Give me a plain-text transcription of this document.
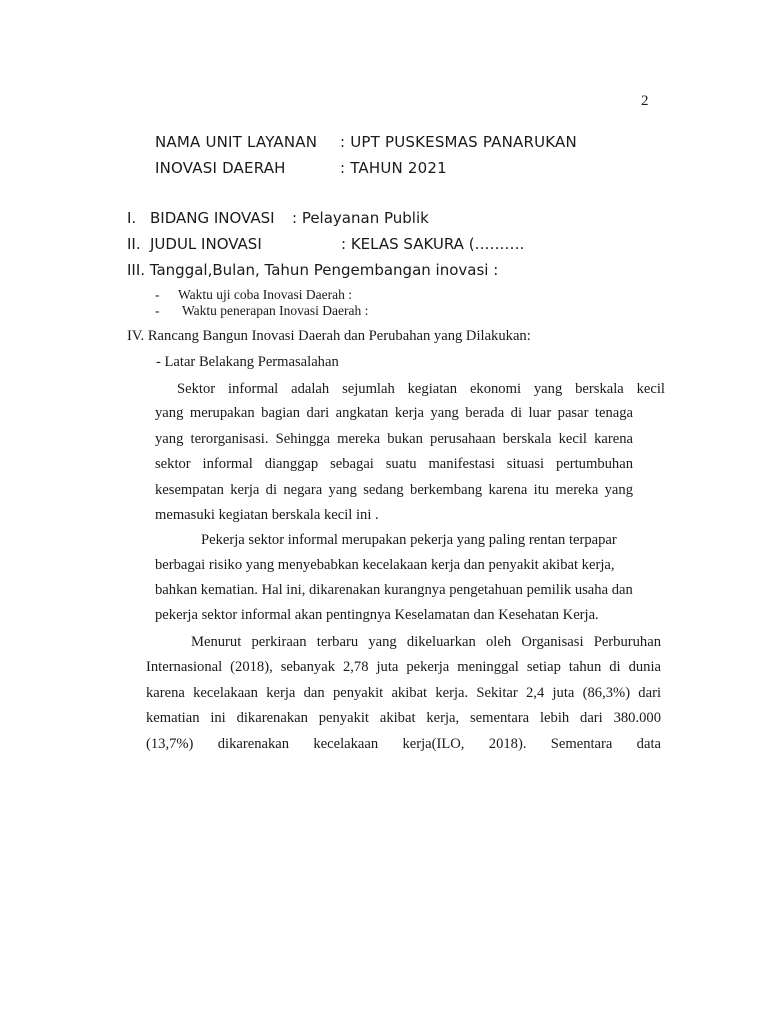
2
NAMA UNIT LAYANAN : UPT PUSKESMAS PANARUKAN
INOVASI DAERAH	: TAHUN 2021
I. BIDANG INOVASI : Pelayanan Publik
II. JUDUL INOVASI	: KELAS SAKURA (……….
III. Tanggal,Bulan, Tahun Pengembangan inovasi :
- Waktu uji coba Inovasi Daerah :
- Waktu penerapan Inovasi Daerah :
IV. Rancang Bangun Inovasi Daerah dan Perubahan yang Dilakukan:
- Latar Belakang Permasalahan
Sektor informal adalah sejumlah kegiatan ekonomi yang berskala kecil
yang merupakan bagian dari angkatan kerja yang berada di luar pasar tenaga
yang terorganisasi. Sehingga mereka bukan perusahaan berskala kecil karena
sektor informal dianggap sebagai suatu manifestasi situasi pertumbuhan
kesempatan kerja di negara yang sedang berkembang karena itu mereka yang
memasuki kegiatan berskala kecil ini .
Pekerja sektor informal merupakan pekerja yang paling rentan terpapar
berbagai risiko yang menyebabkan kecelakaan kerja dan penyakit akibat kerja,
bahkan kematian. Hal ini, dikarenakan kurangnya pengetahuan pemilik usaha dan
pekerja sektor informal akan pentingnya Keselamatan dan Kesehatan Kerja.
Menurut perkiraan terbaru yang dikeluarkan oleh Organisasi Perburuhan
Internasional (2018), sebanyak 2,78 juta pekerja meninggal setiap tahun di dunia
karena kecelakaan kerja dan penyakit akibat kerja. Sekitar 2,4 juta (86,3%) dari
kematian ini dikarenakan penyakit akibat kerja, sementara lebih dari 380.000
(13,7%) dikarenakan kecelakaan kerja(ILO, 2018). Sementara data
